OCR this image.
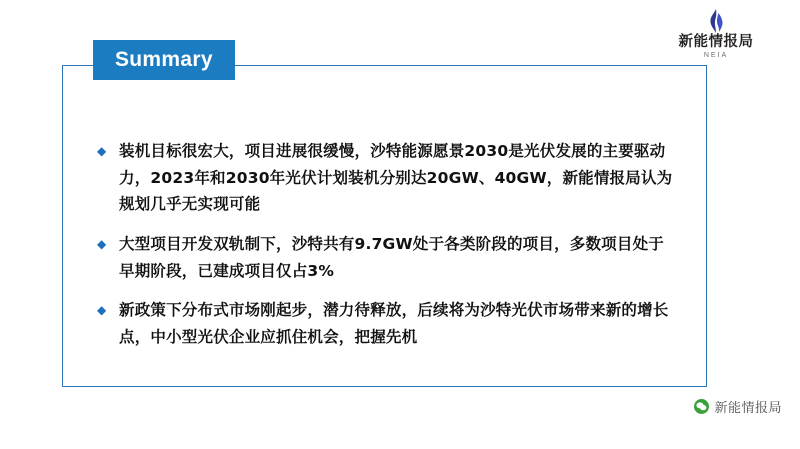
新能情报局
NEIA
Summary
◆ 装机目标很宏大，项目进展很缓慢，沙特能源愿景2030是光伏发展的主要驱动力，2023年和2030年光伏计划装机分别达20GW、40GW，新能情报局认为规划几乎无实现可能
◆ 大型项目开发双轨制下，沙特共有9.7GW处于各类阶段的项目，多数项目处于早期阶段，已建成项目仅占3%
◆ 新政策下分布式市场刚起步，潜力待释放，后续将为沙特光伏市场带来新的增长点，中小型光伏企业应抓住机会，把握先机
新能情报局
